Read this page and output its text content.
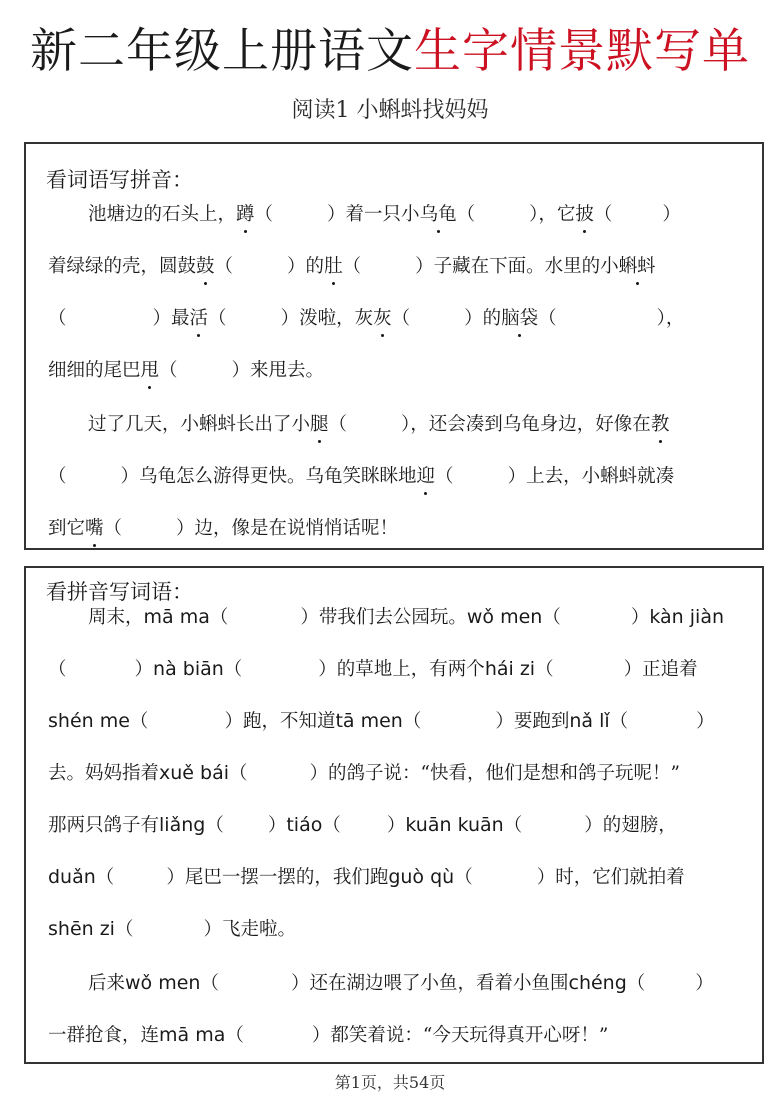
新二年级上册语文生字情景默写单
阅读1 小蝌蚪找妈妈
看词语写拼音：
池塘边的石头上，蹲（	）着一只小乌龟（	），它披（	）
着绿绿的壳，圆鼓鼓（	）的肚（	）子藏在下面。水里的小蝌蚪
（	）最活（	）泼啦，灰灰（	）的脑袋（	），
细细的尾巴甩（	）来甩去。
过了几天，小蝌蚪长出了小腿（	），还会凑到乌龟身边，好像在教
（	）乌龟怎么游得更快。乌龟笑眯眯地迎（	）上去，小蝌蚪就凑
到它嘴（	）边，像是在说悄悄话呢！
看拼音写词语：
周末，mā ma（	）带我们去公园玩。wǒ men（	）kàn jiàn
（	）nà biān（	）的草地上，有两个hái zi（	）正追着
shén me（	）跑，不知道tā men（	）要跑到nǎ lǐ（	）
去。妈妈指着xuě bái（	）的鸽子说：“快看，他们是想和鸽子玩呢！”
那两只鸽子有liǎng（ ）tiáo（ ）kuān kuān（	）的翅膀，
duǎn（	）尾巴一摆一摆的，我们跑guò qù（	）时，它们就拍着
shēn zi（	）飞走啦。
后来wǒ men（	）还在湖边喂了小鱼，看着小鱼围chéng（	）
一群抢食，连mā ma（	）都笑着说：“今天玩得真开心呀！”
第1页，共54页
